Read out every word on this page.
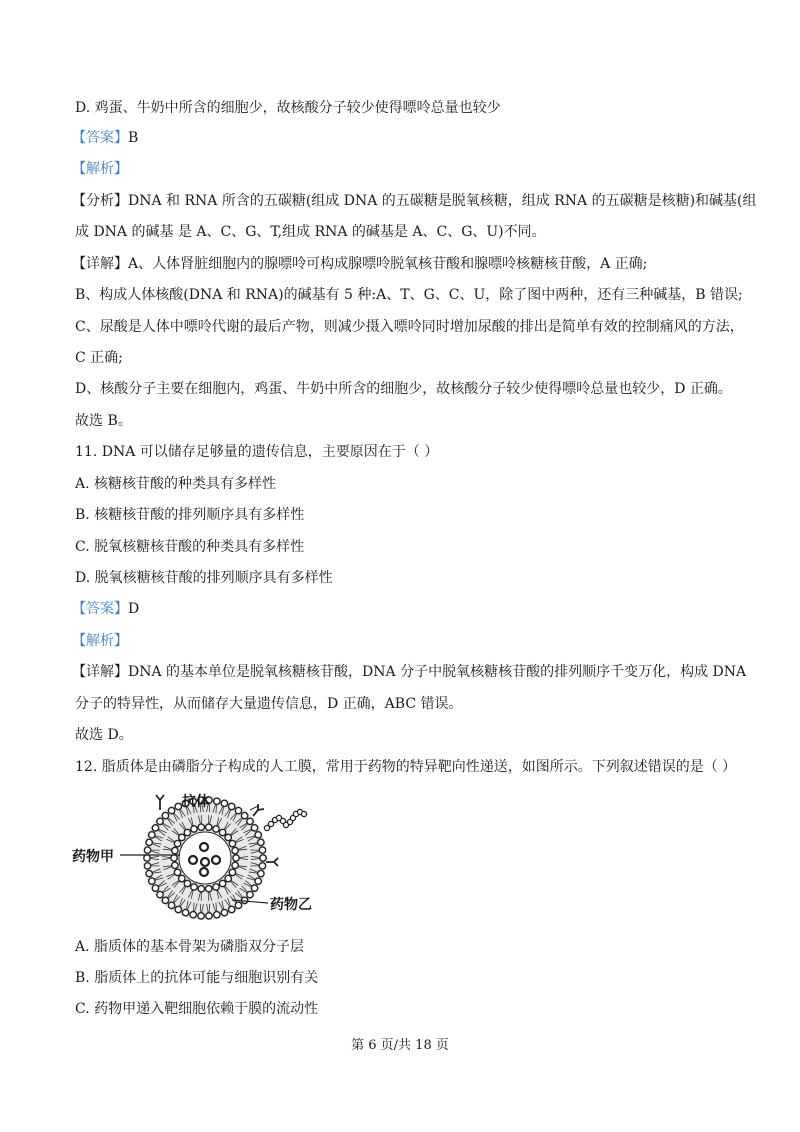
D. 鸡蛋、牛奶中所含的细胞少，故核酸分子较少使得嘌呤总量也较少
【答案】B
【解析】
【分析】DNA 和 RNA 所含的五碳糖(组成 DNA 的五碳糖是脱氧核糖，组成 RNA 的五碳糖是核糖)和碱基(组
成 DNA 的碱基 是 A、C、G、T,组成 RNA 的碱基是 A、C、G、U)不同。
【详解】A、人体肾脏细胞内的腺嘌呤可构成腺嘌呤脱氧核苷酸和腺嘌呤核糖核苷酸，A 正确;
B、构成人体核酸(DNA 和 RNA)的碱基有 5 种:A、T、G、C、U，除了图中两种，还有三种碱基，B 错误;
C、尿酸是人体中嘌呤代谢的最后产物，则减少摄入嘌呤同时增加尿酸的排出是简单有效的控制痛风的方法，
C 正确;
D、核酸分子主要在细胞内，鸡蛋、牛奶中所含的细胞少，故核酸分子较少使得嘌呤总量也较少，D 正确。
故选 B。
11. DNA 可以储存足够量的遗传信息，主要原因在于（ ）
A. 核糖核苷酸的种类具有多样性
B. 核糖核苷酸的排列顺序具有多样性
C. 脱氧核糖核苷酸的种类具有多样性
D. 脱氧核糖核苷酸的排列顺序具有多样性
【答案】D
【解析】
【详解】DNA 的基本单位是脱氧核糖核苷酸，DNA 分子中脱氧核糖核苷酸的排列顺序千变万化，构成 DNA
分子的特异性，从而储存大量遗传信息，D 正确，ABC 错误。
故选 D。
12. 脂质体是由磷脂分子构成的人工膜，常用于药物的特异靶向性递送，如图所示。下列叙述错误的是（ ）
抗体
药物甲
药物乙
A. 脂质体的基本骨架为磷脂双分子层
B. 脂质体上的抗体可能与细胞识别有关
C. 药物甲递入靶细胞依赖于膜的流动性
第 6 页/共 18 页
